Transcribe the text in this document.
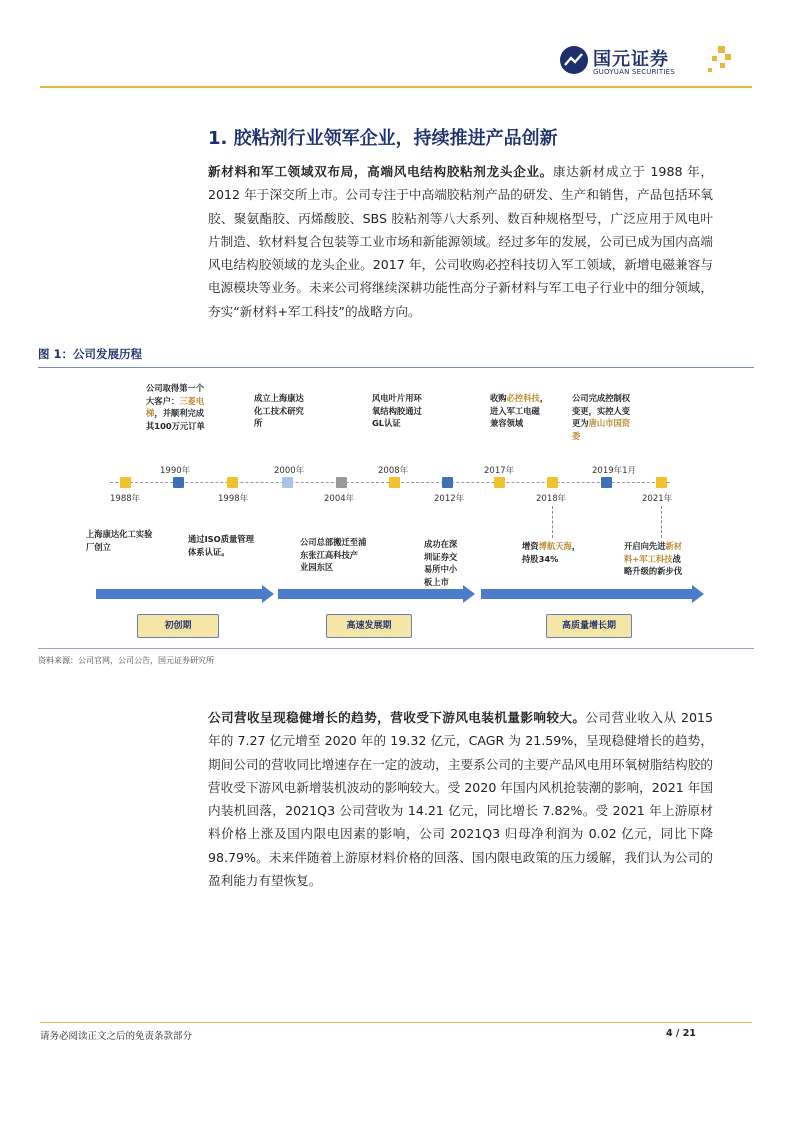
国元证券
GUOYUAN SECURITIES
1. 胶粘剂行业领军企业，持续推进产品创新
新材料和军工领域双布局，高端风电结构胶粘剂龙头企业。康达新材成立于 1988 年，2012 年于深交所上市。公司专注于中高端胶粘剂产品的研发、生产和销售，产品包括环氧胶、聚氨酯胶、丙烯酸胶、SBS 胶粘剂等八大系列、数百种规格型号，广泛应用于风电叶片制造、软材料复合包装等工业市场和新能源领域。经过多年的发展，公司已成为国内高端风电结构胶领域的龙头企业。2017 年，公司收购必控科技切入军工领域，新增电磁兼容与电源模块等业务。未来公司将继续深耕功能性高分子新材料与军工电子行业中的细分领域，夯实“新材料+军工科技”的战略方向。
图 1：公司发展历程
公司取得第一个
大客户：三菱电
梯，并顺利完成
其100万元订单
1990年
成立上海康达
化工技术研究
所
2000年
风电叶片用环
氧结构胶通过
GL认证
2008年
收购必控科技，
进入军工电磁
兼容领域
2017年
公司完成控制权
变更，实控人变
更为唐山市国资
委
2019年1月
1988年
上海康达化工实验
厂创立
1998年
通过ISO质量管理
体系认证。
2004年
公司总部搬迁至浦
东张江高科技产
业园东区
2012年
成功在深
圳证券交
易所中小
板上市
2018年
增资博航天海，
持股34%
2021年
开启向先进新材
料+军工科技战
略升级的新步伐
初创期	高速发展期	高质量增长期
资料来源：公司官网，公司公告，国元证券研究所
公司营收呈现稳健增长的趋势，营收受下游风电装机量影响较大。公司营业收入从 2015 年的 7.27 亿元增至 2020 年的 19.32 亿元，CAGR 为 21.59%，呈现稳健增长的趋势，期间公司的营收同比增速存在一定的波动，主要系公司的主要产品风电用环氧树脂结构胶的营收受下游风电新增装机波动的影响较大。受 2020 年国内风机抢装潮的影响，2021 年国内装机回落，2021Q3 公司营收为 14.21 亿元，同比增长 7.82%。受 2021 年上游原材料价格上涨及国内限电因素的影响，公司 2021Q3 归母净利润为 0.02 亿元，同比下降 98.79%。未来伴随着上游原材料价格的回落、国内限电政策的压力缓解，我们认为公司的盈利能力有望恢复。
请务必阅读正文之后的免责条款部分	4 / 21
